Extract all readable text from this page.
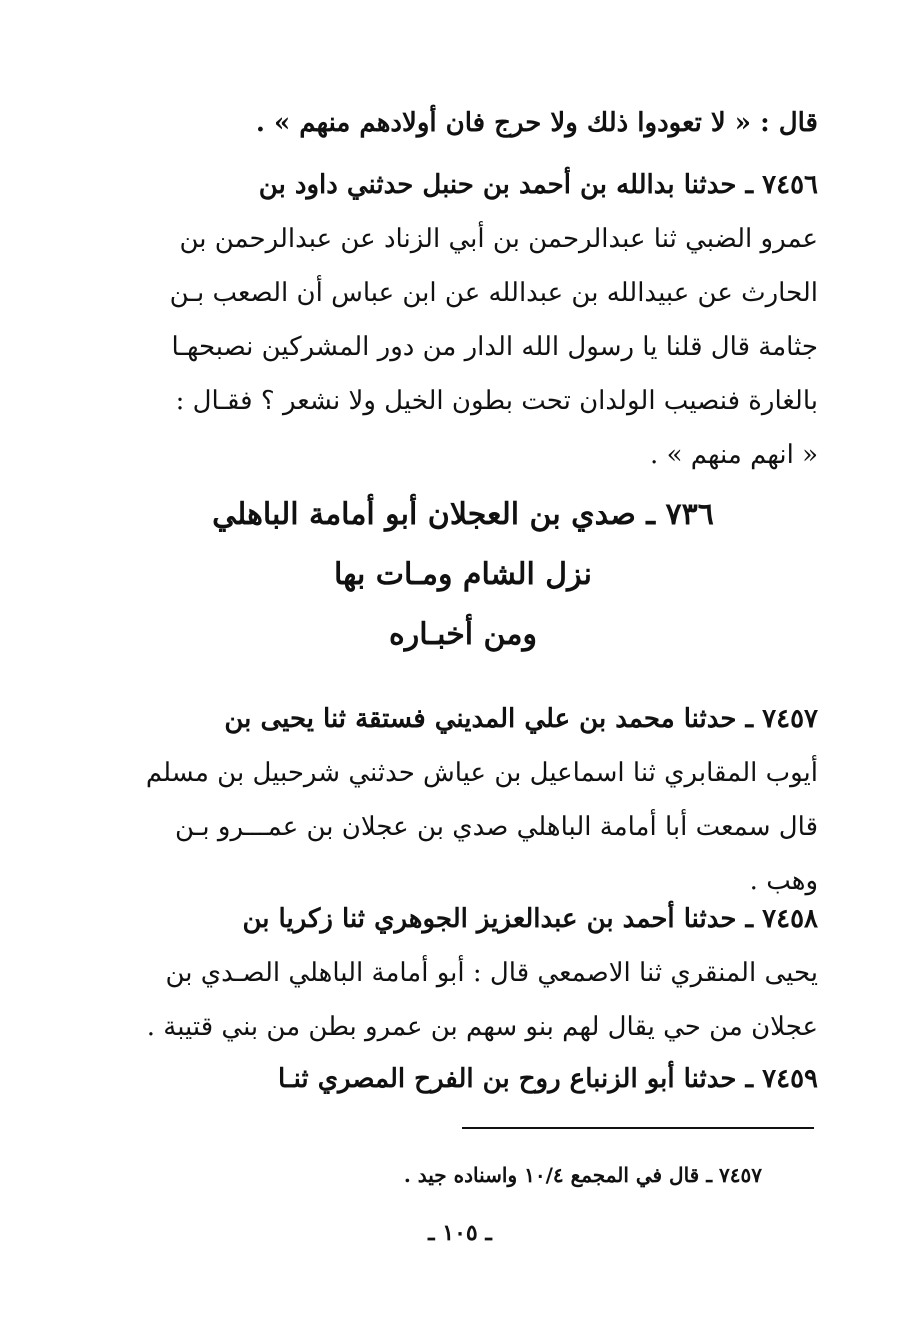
قال : « لا تعودوا ذلك ولا حرج فان أولادهم منهم » .
٧٤٥٦ ـ حدثنا بدالله بن أحمد بن حنبل حدثني داود بن
عمرو الضبي ثنا عبدالرحمن بن أبي الزناد عن عبدالرحمن بن
الحارث عن عبيدالله بن عبدالله عن ابن عباس أن الصعب بـن
جثامة قال قلنا يا رسول الله الدار من دور المشركين نصبحهـا
بالغارة فنصيب الولدان تحت بطون الخيل ولا نشعر ؟ فقـال :
« انهم منهم » .
٧٣٦ ـ صدي بن العجلان أبو أمامة الباهلي
نزل الشام ومـات بها
ومن أخبـاره
٧٤٥٧ ـ حدثنا محمد بن علي المديني فستقة ثنا يحيى بن
أيوب المقابري ثنا اسماعيل بن عياش حدثني شرحبيل بن مسلم
قال سمعت أبا أمامة الباهلي صدي بن عجلان بن عمـــرو بـن
وهب .
٧٤٥٨ ـ حدثنا أحمد بن عبدالعزيز الجوهري ثنا زكريا بن
يحيى المنقري ثنا الاصمعي قال : أبو أمامة الباهلي الصـدي بن
عجلان من حي يقال لهم بنو سهم بن عمرو بطن من بني قتيبة .
٧٤٥٩ ـ حدثنا أبو الزنباع روح بن الفرح المصري ثنـا
٧٤٥٧ ـ قال في المجمع ١٠/٤ واسناده جيد .
ـ ١٠٥ ـ
